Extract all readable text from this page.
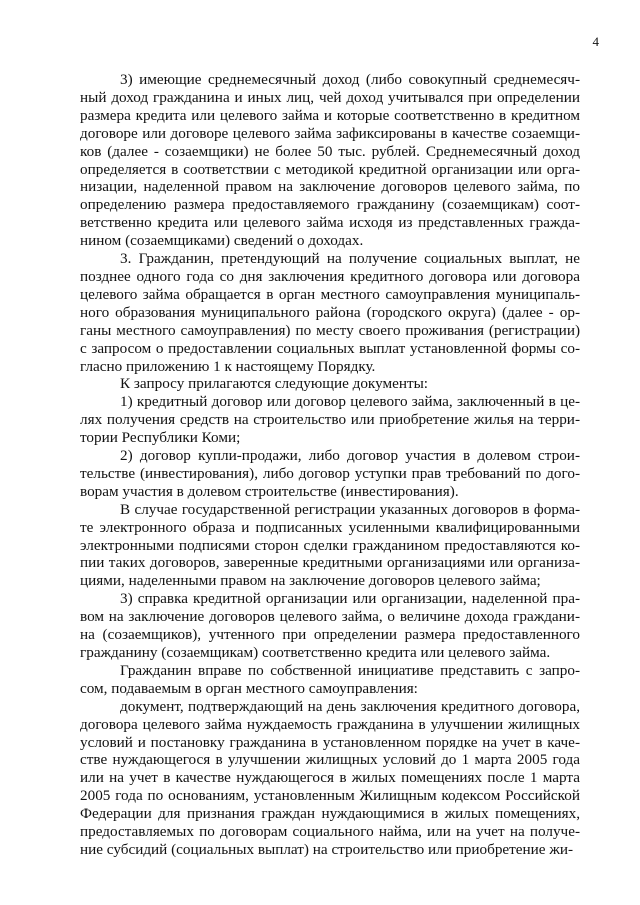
4

3) имеющие среднемесячный доход (либо совокупный среднемесячный доход гражданина и иных лиц, чей доход учитывался при определении размера кредита или целевого займа и которые соответственно в кредитном договоре или договоре целевого займа зафиксированы в качестве созаемщиков (далее - созаемщики) не более 50 тыс. рублей. Среднемесячный доход определяется в соответствии с методикой кредитной организации или организации, наделенной правом на заключение договоров целевого займа, по определению размера предоставляемого гражданину (созаемщикам) соответственно кредита или целевого займа исходя из представленных гражданином (созаемщиками) сведений о доходах.

3. Гражданин, претендующий на получение социальных выплат, не позднее одного года со дня заключения кредитного договора или договора целевого займа обращается в орган местного самоуправления муниципального образования муниципального района (городского округа) (далее - органы местного самоуправления) по месту своего проживания (регистрации) с запросом о предоставлении социальных выплат установленной формы согласно приложению 1 к настоящему Порядку.

К запросу прилагаются следующие документы:

1) кредитный договор или договор целевого займа, заключенный в целях получения средств на строительство или приобретение жилья на территории Республики Коми;

2) договор купли-продажи, либо договор участия в долевом строительстве (инвестирования), либо договор уступки прав требований по договорам участия в долевом строительстве (инвестирования).

В случае государственной регистрации указанных договоров в формате электронного образа и подписанных усиленными квалифицированными электронными подписями сторон сделки гражданином предоставляются копии таких договоров, заверенные кредитными организациями или организациями, наделенными правом на заключение договоров целевого займа;

3) справка кредитной организации или организации, наделенной правом на заключение договоров целевого займа, о величине дохода гражданина (созаемщиков), учтенного при определении размера предоставленного гражданину (созаемщикам) соответственно кредита или целевого займа.

Гражданин вправе по собственной инициативе представить с запросом, подаваемым в орган местного самоуправления:

документ, подтверждающий на день заключения кредитного договора, договора целевого займа нуждаемость гражданина в улучшении жилищных условий и постановку гражданина в установленном порядке на учет в качестве нуждающегося в улучшении жилищных условий до 1 марта 2005 года или на учет в качестве нуждающегося в жилых помещениях после 1 марта 2005 года по основаниям, установленным Жилищным кодексом Российской Федерации для признания граждан нуждающимися в жилых помещениях, предоставляемых по договорам социального найма, или на учет на получение субсидий (социальных выплат) на строительство или приобретение жи-
